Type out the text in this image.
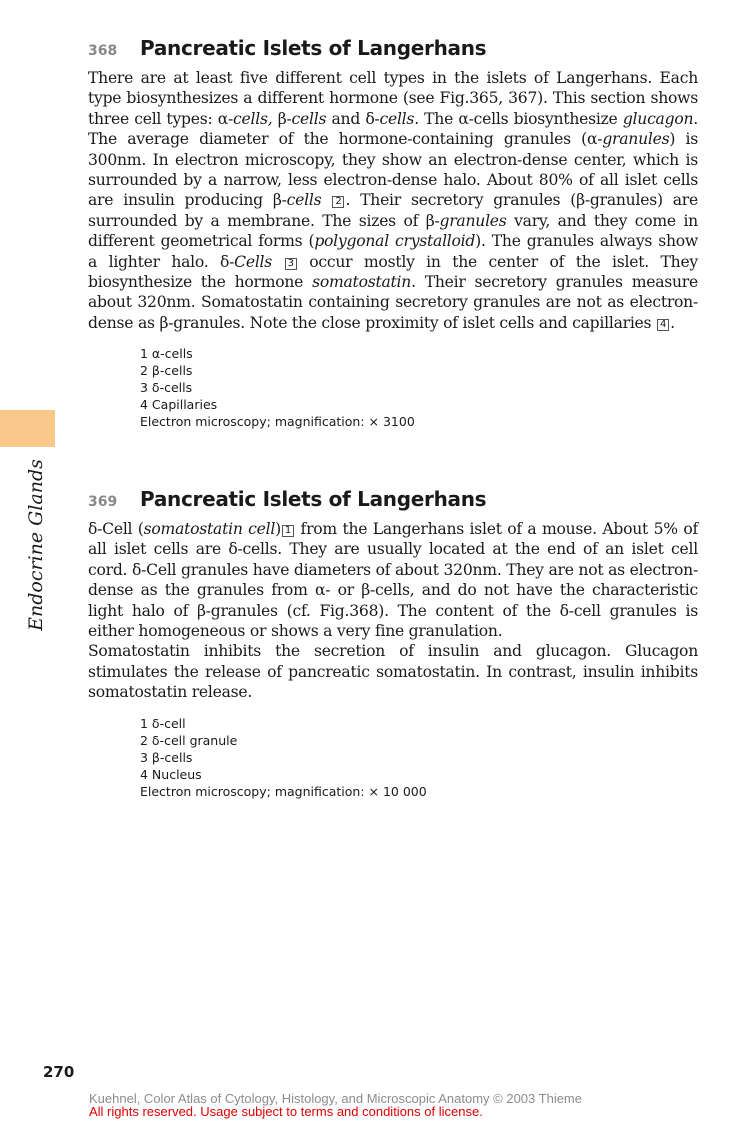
Endocrine Glands
368	Pancreatic Islets of Langerhans

There are at least five different cell types in the islets of Langerhans. Each type biosynthesizes a different hormone (see Fig.365, 367). This section shows three cell types: α-cells, β-cells and δ-cells. The α-cells biosynthesize glucagon. The average diameter of the hormone-containing granules (α-granules) is 300nm. In electron microscopy, they show an electron-dense center, which is surrounded by a narrow, less electron-dense halo. About 80% of all islet cells are insulin producing β-cells 2 . Their secretory granules (β-granules) are surrounded by a membrane. The sizes of β-granules vary, and they come in different geometrical forms (polygonal crystalloid). The granules always show a lighter halo. δ-Cells 3 occur mostly in the center of the islet. They biosynthesize the hormone somatostatin. Their secretory granules measure about 320nm. Somatostatin containing secretory granules are not as electron-dense as β-granules. Note the close proximity of islet cells and capillaries 4 .

1 α-cells
2 β-cells
3 δ-cells
4 Capillaries
Electron microscopy; magnification: × 3100
369	Pancreatic Islets of Langerhans

δ-Cell (somatostatin cell) 1 from the Langerhans islet of a mouse. About 5% of all islet cells are δ-cells. They are usually located at the end of an islet cell cord. δ-Cell granules have diameters of about 320nm. They are not as electron-dense as the granules from α- or β-cells, and do not have the characteristic light halo of β-granules (cf. Fig.368). The content of the δ-cell granules is either homogeneous or shows a very fine granulation.

Somatostatin inhibits the secretion of insulin and glucagon. Glucagon stimulates the release of pancreatic somatostatin. In contrast, insulin inhibits somatostatin release.

1 δ-cell
2 δ-cell granule
3 β-cells
4 Nucleus
Electron microscopy; magnification: × 10 000
270
Kuehnel, Color Atlas of Cytology, Histology, and Microscopic Anatomy © 2003 Thieme
All rights reserved. Usage subject to terms and conditions of license.
